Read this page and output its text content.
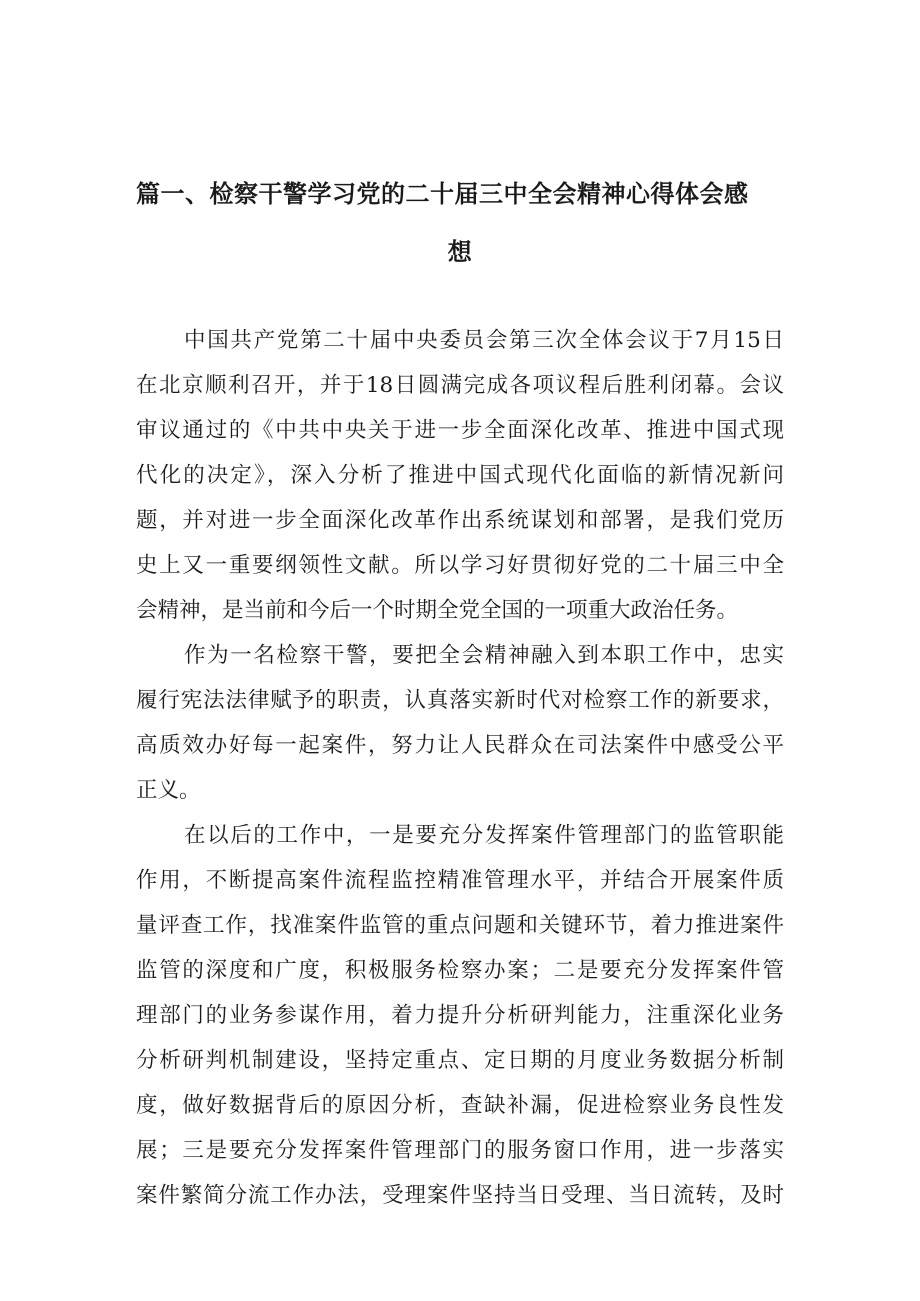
篇一、检察干警学习党的二十届三中全会精神心得体会感
想
中国共产党第二十届中央委员会第三次全体会议于7月15日
在北京顺利召开，并于18日圆满完成各项议程后胜利闭幕。会议
审议通过的《中共中央关于进一步全面深化改革、推进中国式现
代化的决定》，深入分析了推进中国式现代化面临的新情况新问
题，并对进一步全面深化改革作出系统谋划和部署，是我们党历
史上又一重要纲领性文献。所以学习好贯彻好党的二十届三中全
会精神，是当前和今后一个时期全党全国的一项重大政治任务。
作为一名检察干警，要把全会精神融入到本职工作中，忠实
履行宪法法律赋予的职责，认真落实新时代对检察工作的新要求，
高质效办好每一起案件，努力让人民群众在司法案件中感受公平
正义。
在以后的工作中，一是要充分发挥案件管理部门的监管职能
作用，不断提高案件流程监控精准管理水平，并结合开展案件质
量评查工作，找准案件监管的重点问题和关键环节，着力推进案件
监管的深度和广度，积极服务检察办案；二是要充分发挥案件管
理部门的业务参谋作用，着力提升分析研判能力，注重深化业务
分析研判机制建设，坚持定重点、定日期的月度业务数据分析制
度，做好数据背后的原因分析，查缺补漏，促进检察业务良性发
展；三是要充分发挥案件管理部门的服务窗口作用，进一步落实
案件繁简分流工作办法，受理案件坚持当日受理、当日流转，及时
